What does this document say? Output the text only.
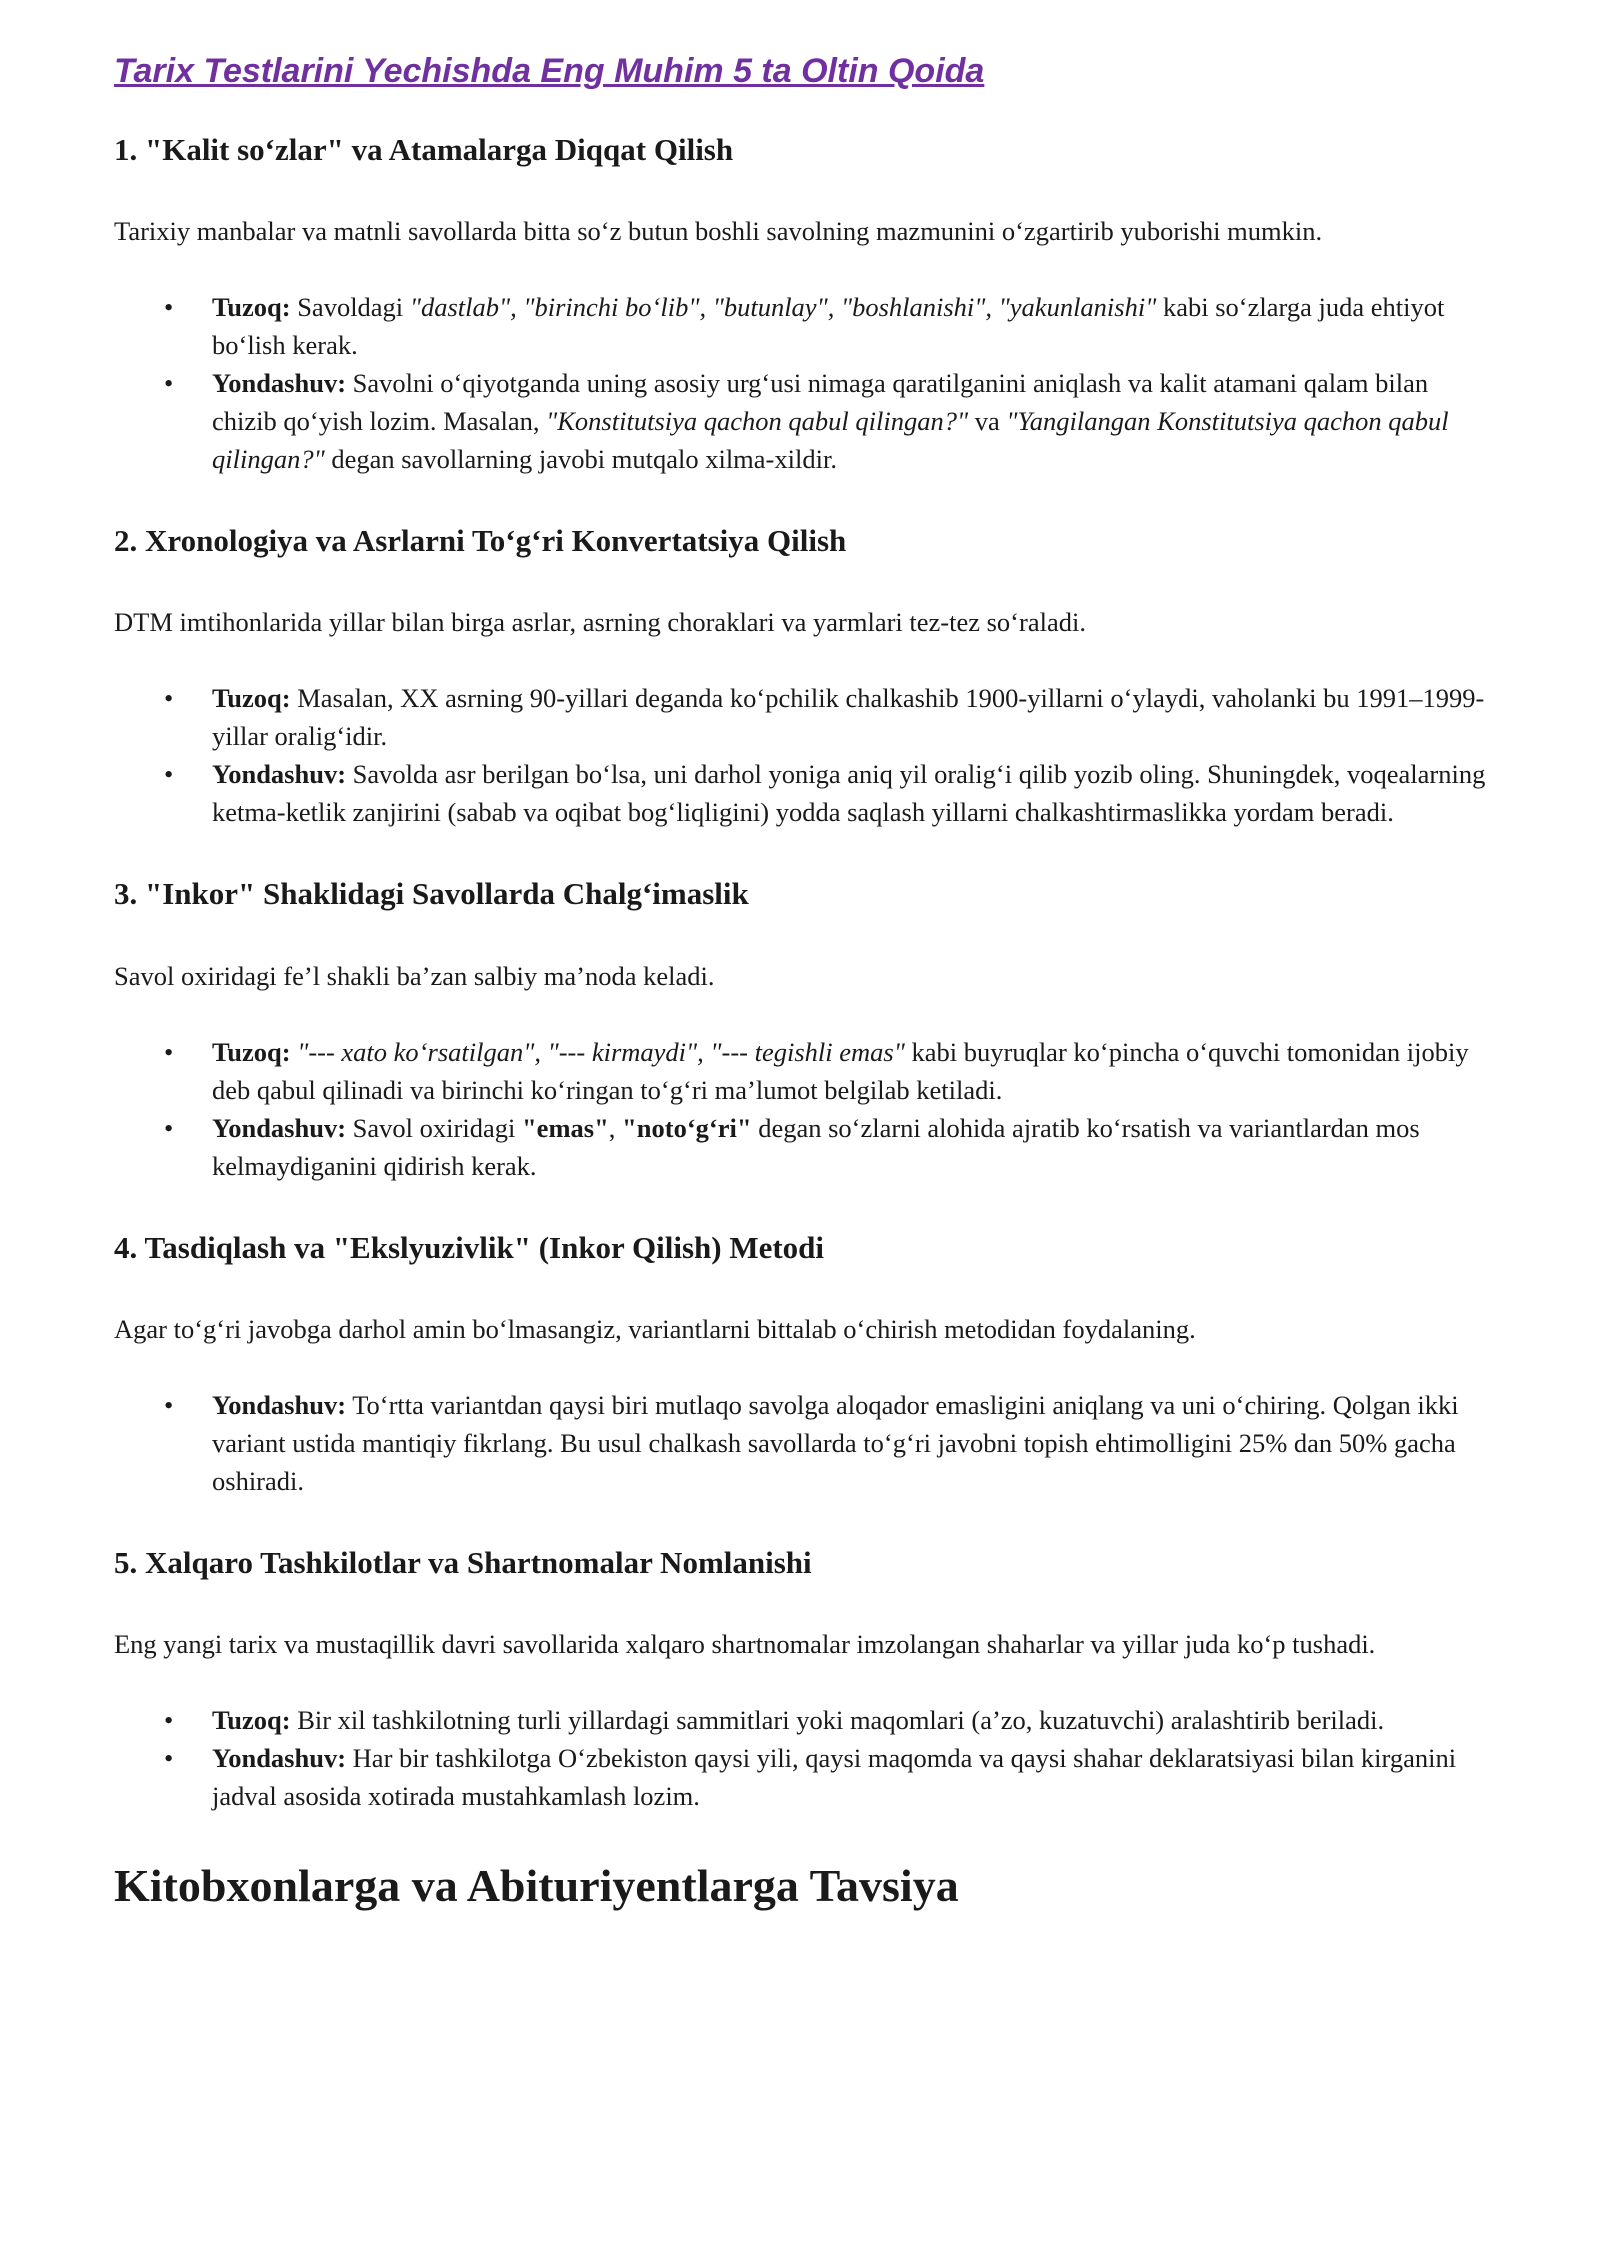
Tarix Testlarini Yechishda Eng Muhim 5 ta Oltin Qoida
1. "Kalit so‘zlar" va Atamalarga Diqqat Qilish

Tarixiy manbalar va matnli savollarda bitta so‘z butun boshli savolning mazmunini o‘zgartirib yuborishi mumkin.

• Tuzoq: Savoldagi "dastlab", "birinchi bo‘lib", "butunlay", "boshlanishi", "yakunlanishi" kabi so‘zlarga juda ehtiyot bo‘lish kerak.
• Yondashuv: Savolni o‘qiyotganda uning asosiy urg‘usi nimaga qaratilganini aniqlash va kalit atamani qalam bilan chizib qo‘yish lozim. Masalan, "Konstitutsiya qachon qabul qilingan?" va "Yangilangan Konstitutsiya qachon qabul qilingan?" degan savollarning javobi mutqalo xilma-xildir.
2. Xronologiya va Asrlarni To‘g‘ri Konvertatsiya Qilish

DTM imtihonlarida yillar bilan birga asrlar, asrning choraklari va yarmlari tez-tez so‘raladi.

• Tuzoq: Masalan, XX asrning 90-yillari deganda ko‘pchilik chalkashib 1900-yillarni o‘ylaydi, vaholanki bu 1991–1999-yillar oralig‘idir.
• Yondashuv: Savolda asr berilgan bo‘lsa, uni darhol yoniga aniq yil oralig‘i qilib yozib oling. Shuningdek, voqealarning ketma-ketlik zanjirini (sabab va oqibat bog‘liqligini) yodda saqlash yillarni chalkashtirmaslikka yordam beradi.
3. "Inkor" Shaklidagi Savollarda Chalg‘imaslik

Savol oxiridagi fe’l shakli ba’zan salbiy ma’noda keladi.

• Tuzoq: "--- xato ko‘rsatilgan", "--- kirmaydi", "--- tegishli emas" kabi buyruqlar ko‘pincha o‘quvchi tomonidan ijobiy deb qabul qilinadi va birinchi ko‘ringan to‘g‘ri ma’lumot belgilab ketiladi.
• Yondashuv: Savol oxiridagi "emas", "noto‘g‘ri" degan so‘zlarni alohida ajratib ko‘rsatish va variantlardan mos kelmaydiganini qidirish kerak.
4. Tasdiqlash va "Ekslyuzivlik" (Inkor Qilish) Metodi

Agar to‘g‘ri javobga darhol amin bo‘lmasangiz, variantlarni bittalab o‘chirish metodidan foydalaning.

• Yondashuv: To‘rtta variantdan qaysi biri mutlaqo savolga aloqador emasligini aniqlang va uni o‘chiring. Qolgan ikki variant ustida mantiqiy fikrlang. Bu usul chalkash savollarda to‘g‘ri javobni topish ehtimolligini 25% dan 50% gacha oshiradi.
5. Xalqaro Tashkilotlar va Shartnomalar Nomlanishi

Eng yangi tarix va mustaqillik davri savollarida xalqaro shartnomalar imzolangan shaharlar va yillar juda ko‘p tushadi.

• Tuzoq: Bir xil tashkilotning turli yillardagi sammitlari yoki maqomlari (a’zo, kuzatuvchi) aralashtirib beriladi.
• Yondashuv: Har bir tashkilotga O‘zbekiston qaysi yili, qaysi maqomda va qaysi shahar deklaratsiyasi bilan kirganini jadval asosida xotirada mustahkamlash lozim.
Kitobxonlarga va Abituriyentlarga Tavsiya
